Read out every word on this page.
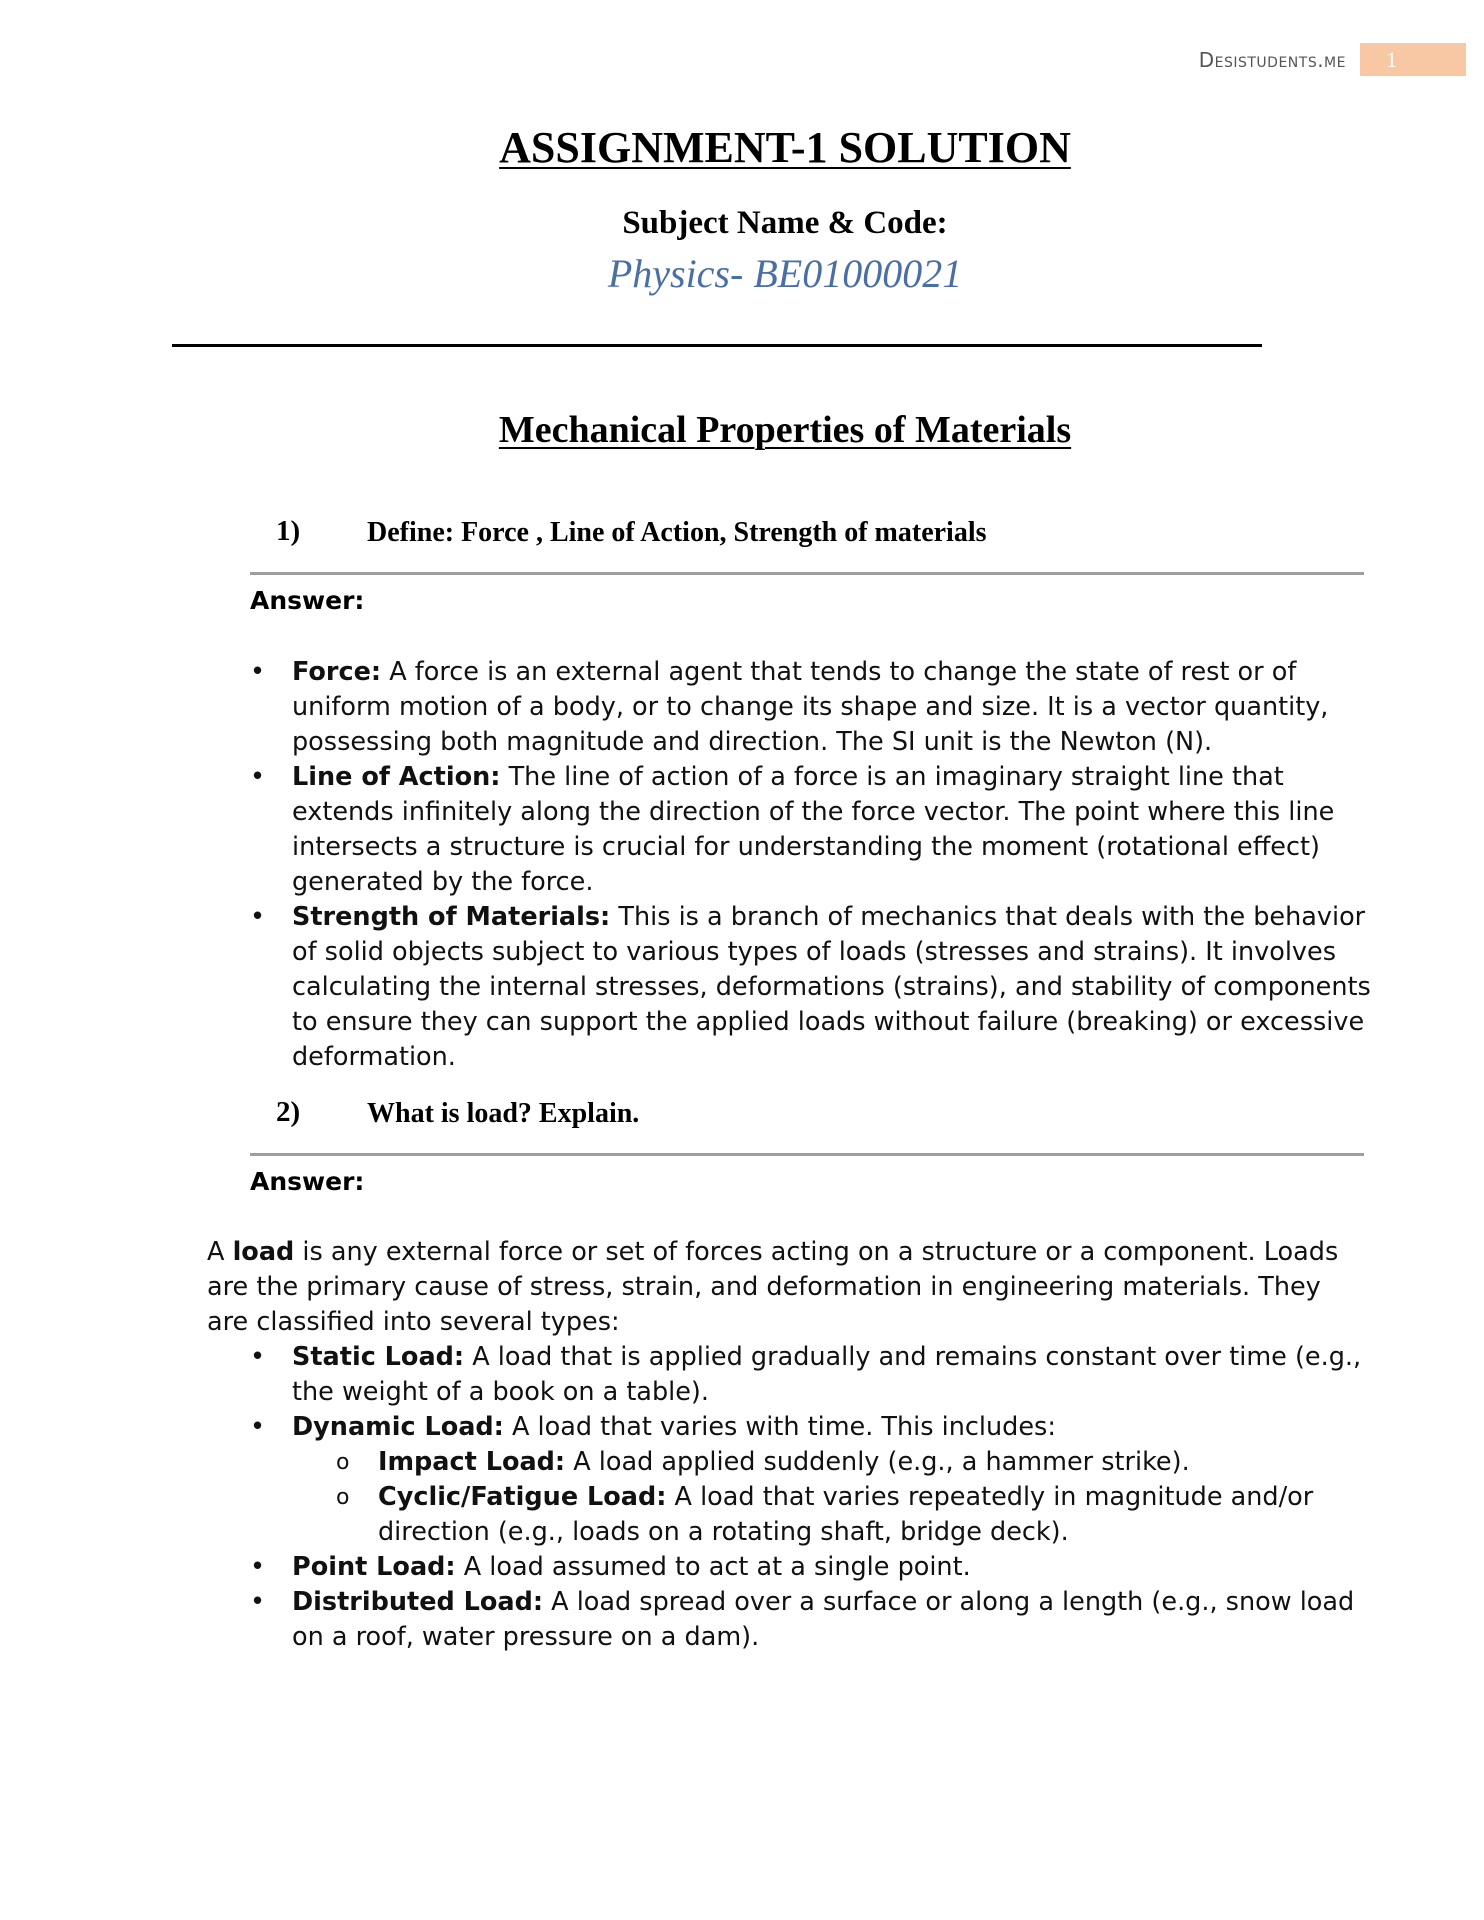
Desistudents.me	1
ASSIGNMENT-1 SOLUTION
Subject Name & Code:
Physics- BE01000021
Mechanical Properties of Materials
1) Define: Force , Line of Action, Strength of materials
Answer:
• Force: A force is an external agent that tends to change the state of rest or of uniform motion of a body, or to change its shape and size. It is a vector quantity, possessing both magnitude and direction. The SI unit is the Newton (N).
• Line of Action: The line of action of a force is an imaginary straight line that extends infinitely along the direction of the force vector. The point where this line intersects a structure is crucial for understanding the moment (rotational effect) generated by the force.
• Strength of Materials: This is a branch of mechanics that deals with the behavior of solid objects subject to various types of loads (stresses and strains). It involves calculating the internal stresses, deformations (strains), and stability of components to ensure they can support the applied loads without failure (breaking) or excessive deformation.
2) What is load? Explain.
Answer:

A load is any external force or set of forces acting on a structure or a component. Loads are the primary cause of stress, strain, and deformation in engineering materials. They are classified into several types:

• Static Load: A load that is applied gradually and remains constant over time (e.g., the weight of a book on a table).
• Dynamic Load: A load that varies with time. This includes:
o Impact Load: A load applied suddenly (e.g., a hammer strike).
o Cyclic/Fatigue Load: A load that varies repeatedly in magnitude and/or direction (e.g., loads on a rotating shaft, bridge deck).
• Point Load: A load assumed to act at a single point.
• Distributed Load: A load spread over a surface or along a length (e.g., snow load on a roof, water pressure on a dam).
